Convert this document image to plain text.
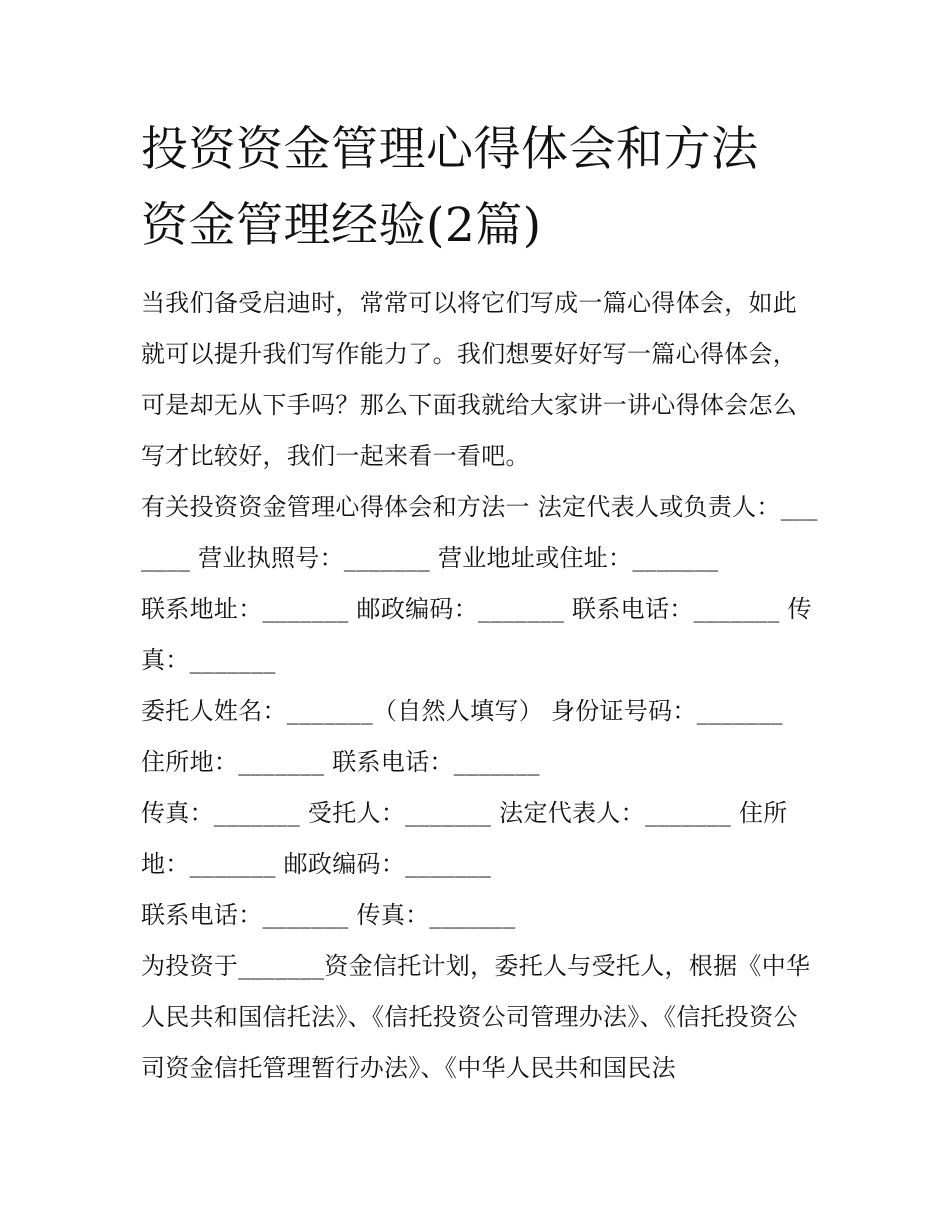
投资资金管理心得体会和方法
资金管理经验(2篇)

当我们备受启迪时，常常可以将它们写成一篇心得体会，如此就可以提升我们写作能力了。我们想要好好写一篇心得体会，可是却无从下手吗？那么下面我就给大家讲一讲心得体会怎么写才比较好，我们一起来看一看吧。

有关投资资金管理心得体会和方法一 法定代表人或负责人：_______ 营业执照号：_______ 营业地址或住址：_______

联系地址：_______ 邮政编码：_______ 联系电话：_______ 传真：_______

委托人姓名：_______（自然人填写） 身份证号码：_______

住所地：_______ 联系电话：_______

传真：_______ 受托人：_______ 法定代表人：_______ 住所地：_______ 邮政编码：_______

联系电话：_______ 传真：_______

为投资于_______资金信托计划，委托人与受托人，根据《中华人民共和国信托法》、《信托投资公司管理办法》、《信托投资公司资金信托管理暂行办法》、《中华人民共和国民法
